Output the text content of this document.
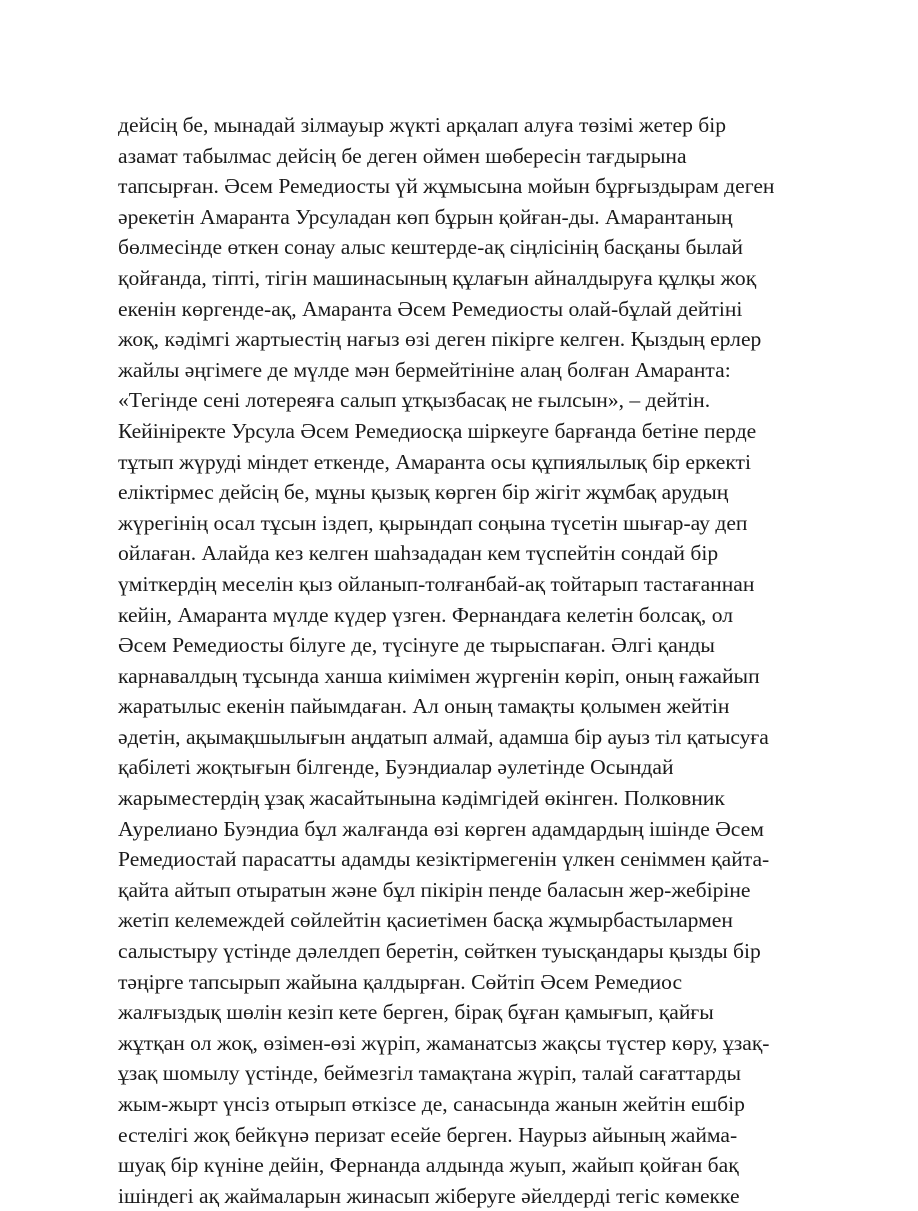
дейсің бе, мынадай зілмауыр жүкті арқалап алуға төзімі жетер бір
азамат табылмас дейсің бе деген оймен шөбересін тағдырына
тапсырған. Әсем Ремедиосты үй жұмысына мойын бұрғыздырам деген
әрекетін Амаранта Урсуладан көп бұрын қойған-ды. Амарантаның
бөлмесінде өткен сонау алыс кештерде-ақ сіңлісінің басқаны былай
қойғанда, тіпті, тігін машинасының құлағын айналдыруға құлқы жоқ
екенін көргенде-ақ, Амаранта Әсем Ремедиосты олай-бұлай дейтіні
жоқ, кәдімгі жартыестің нағыз өзі деген пікірге келген. Қыздың ерлер
жайлы әңгімеге де мүлде мән бермейтініне алаң болған Амаранта:
«Тегінде сені лотереяға салып ұтқызбасақ не ғылсын», – дейтін.
Кейініректе Урсула Әсем Ремедиосқа шіркеуге барғанда бетіне перде
тұтып жүруді міндет еткенде, Амаранта осы құпиялылық бір еркекті
еліктірмес дейсің бе, мұны қызық көрген бір жігіт жұмбақ арудың
жүрегінің осал тұсын іздеп, қырындап соңына түсетін шығар-ау деп
ойлаған. Алайда кез келген шаһзададан кем түспейтін сондай бір
үміткердің меселін қыз ойланып-толғанбай-ақ тойтарып тастағаннан
кейін, Амаранта мүлде күдер үзген. Фернандаға келетін болсақ, ол
Әсем Ремедиосты білуге де, түсінуге де тырыспаған. Әлгі қанды
карнавалдың тұсында ханша киімімен жүргенін көріп, оның ғажайып
жаратылыс екенін пайымдаған. Ал оның тамақты қолымен жейтін
әдетін, ақымақшылығын аңдатып алмай, адамша бір ауыз тіл қатысуға
қабілеті жоқтығын білгенде, Буэндиалар әулетінде Осындай
жарыместердің ұзақ жасайтынына кәдімгідей өкінген. Полковник
Аурелиано Буэндиа бұл жалғанда өзі көрген адамдардың ішінде Әсем
Ремедиостай парасатты адамды кезіктірмегенін үлкен сеніммен қайта-
қайта айтып отыратын және бұл пікірін пенде баласын жер-жебіріне
жетіп келемеждей сөйлейтін қасиетімен басқа жұмырбастылармен
салыстыру үстінде дәлелдеп беретін, сөйткен туысқандары қызды бір
тәңірге тапсырып жайына қалдырған. Сөйтіп Әсем Ремедиос
жалғыздық шөлін кезіп кете берген, бірақ бұған қамығып, қайғы
жұтқан ол жоқ, өзімен-өзі жүріп, жаманатсыз жақсы түстер көру, ұзақ-
ұзақ шомылу үстінде, беймезгіл тамақтана жүріп, талай сағаттарды
жым-жырт үнсіз отырып өткізсе де, санасында жанын жейтін ешбір
естелігі жоқ бейкүнә перизат есейе берген. Наурыз айының жайма-
шуақ бір күніне дейін, Фернанда алдында жуып, жайып қойған бақ
ішіндегі ақ жаймаларын жинасып жіберуге әйелдерді тегіс көмекке
